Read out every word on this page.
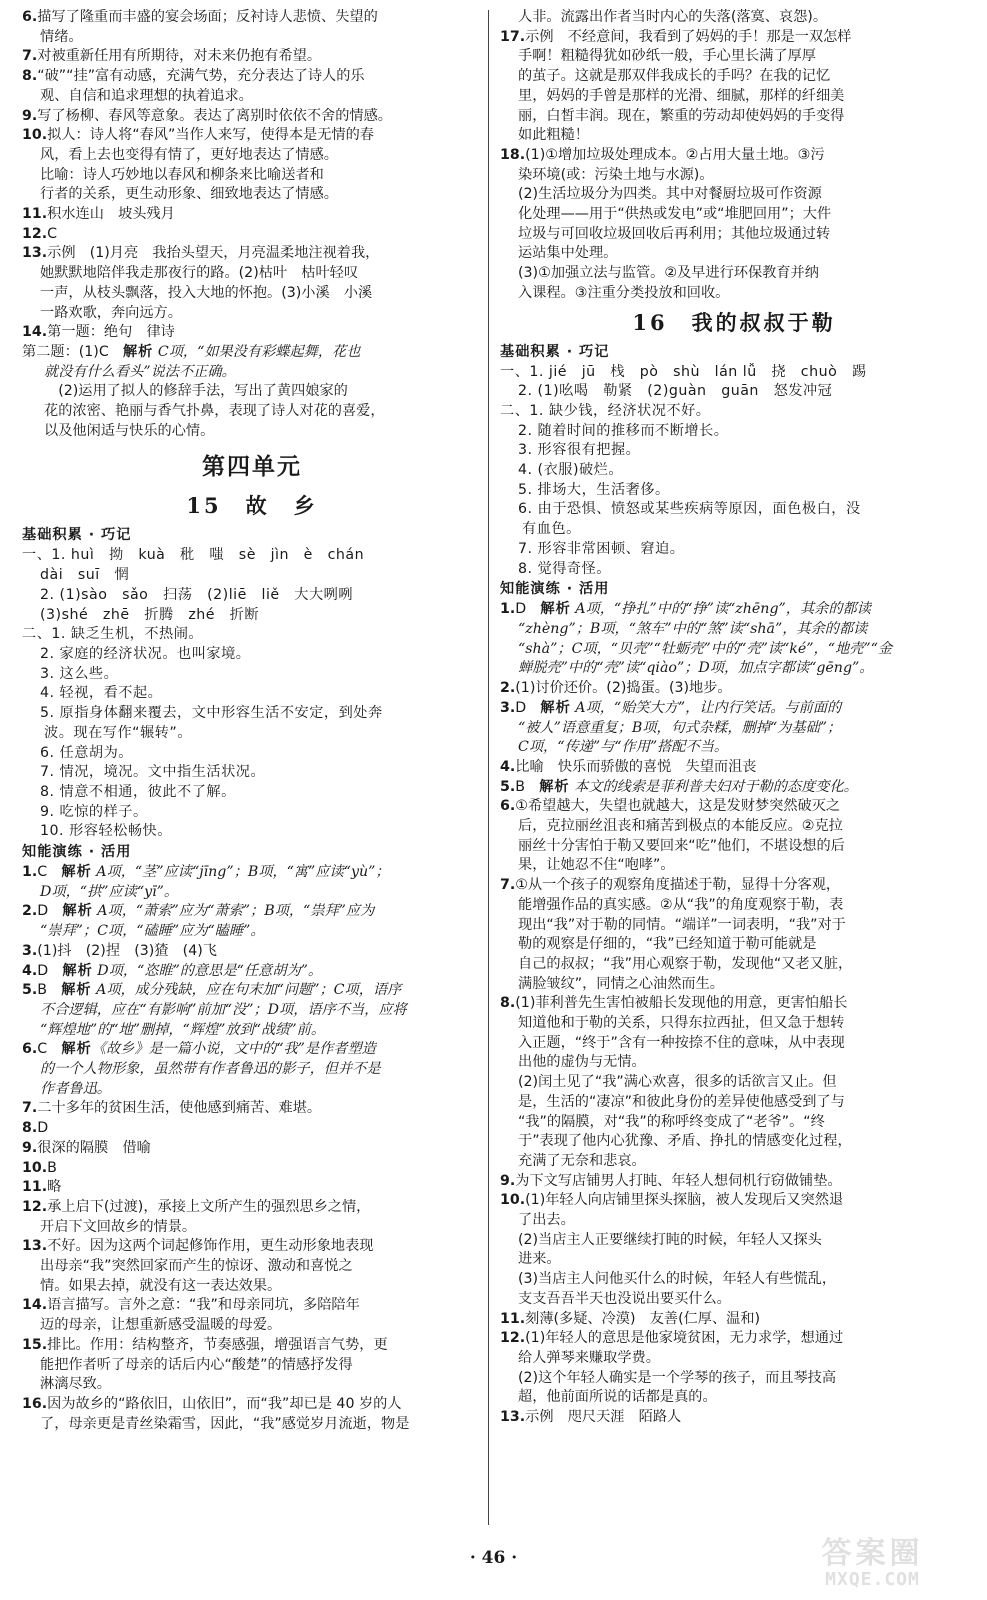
6.描写了隆重而丰盛的宴会场面；反衬诗人悲愤、失望的
情绪。
7.对被重新任用有所期待，对未来仍抱有希望。
8.“破”“挂”富有动感，充满气势，充分表达了诗人的乐
观、自信和追求理想的执着追求。
9.写了杨柳、春风等意象。表达了离别时依依不舍的情感。
10.拟人：诗人将“春风”当作人来写，使得本是无情的春
风，看上去也变得有情了，更好地表达了情感。
比喻：诗人巧妙地以春风和柳条来比喻送者和
行者的关系，更生动形象、细致地表达了情感。
11.积水连山　坡头残月
12.C
13.示例　(1)月亮　我抬头望天，月亮温柔地注视着我，
她默默地陪伴我走那夜行的路。(2)枯叶　枯叶轻叹
一声，从枝头飘落，投入大地的怀抱。(3)小溪　小溪
一路欢歌，奔向远方。
14.第一题：绝句　律诗
第二题：(1)C　解析 C项，“如果没有彩蝶起舞，花也
就没有什么看头”说法不正确。
　(2)运用了拟人的修辞手法，写出了黄四娘家的
花的浓密、艳丽与香气扑鼻，表现了诗人对花的喜爱，
以及他闲适与快乐的心情。
第四单元
15　故　乡
基础积累 · 巧记
一、1. huì　拗　kuà　秕　嗤　sè　jìn　è　chán
dài　suī　惘
2. (1)sào　sǎo　扫荡　(2)liē　liě　大大咧咧
(3)shé　zhē　折腾　zhé　折断
二、1. 缺乏生机，不热闹。
2. 家庭的经济状况。也叫家境。
3. 这么些。
4. 轻视，看不起。
5. 原指身体翻来覆去，文中形容生活不安定，到处奔
波。现在写作“辗转”。
6. 任意胡为。
7. 情况，境况。文中指生活状况。
8. 情意不相通，彼此不了解。
9. 吃惊的样子。
10. 形容轻松畅快。
知能演练 · 活用
1.C　解析 A项，“茎”应读“jīng”；B项，“寓”应读“yù”；
D项，“拱”应读“yī”。
2.D　解析 A项，“萧索”应为“萧索”；B项，“祟拜”应为
“崇拜”；C项，“磕睡”应为“瞌睡”。
3.(1)抖　(2)捏　(3)猹　(4)飞
4.D　解析 D项，“恣睢”的意思是“任意胡为”。
5.B　解析 A项，成分残缺，应在句末加“问题”；C项，语序
不合逻辑，应在“有影响”前加“没”；D项，语序不当，应将
“辉煌地”的“地”删掉，“辉煌”放到“战绩”前。
6.C　解析《故乡》是一篇小说，文中的“我”是作者塑造
的一个人物形象，虽然带有作者鲁迅的影子，但并不是
作者鲁迅。
7.二十多年的贫困生活，使他感到痛苦、难堪。
8.D
9.很深的隔膜　借喻
10.B
11.略
12.承上启下(过渡)，承接上文所产生的强烈思乡之情，
开启下文回故乡的情景。
13.不好。因为这两个词起修饰作用，更生动形象地表现
出母亲“我”突然回家而产生的惊讶、激动和喜悦之
情。如果去掉，就没有这一表达效果。
14.语言描写。言外之意：“我”和母亲同坑，多陪陪年
迈的母亲，让想重新感受温暖的母爱。
15.排比。作用：结构整齐，节奏感强，增强语言气势，更
能把作者听了母亲的话后内心“酸楚”的情感抒发得
淋漓尽致。
16.因为故乡的“路依旧，山依旧”，而“我”却已是 40 岁的人
了，母亲更是青丝染霜雪，因此，“我”感觉岁月流逝，物是
人非。流露出作者当时内心的失落(落寞、哀怨)。
17.示例　不经意间，我看到了妈妈的手！那是一双怎样
手啊！粗糙得犹如砂纸一般，手心里长满了厚厚
的茧子。这就是那双伴我成长的手吗？在我的记忆
里，妈妈的手曾是那样的光滑、细腻，那样的纤细美
丽，白皙丰润。现在，繁重的劳动却使妈妈的手变得
如此粗糙！
18.(1)①增加垃圾处理成本。②占用大量土地。③污
染环境(或：污染土地与水源)。
(2)生活垃圾分为四类。其中对餐厨垃圾可作资源
化处理——用于“供热或发电”或“堆肥回用”；大件
垃圾与可回收垃圾回收后再利用；其他垃圾通过转
运站集中处理。
(3)①加强立法与监管。②及早进行环保教育并纳
入课程。③注重分类投放和回收。
16　我的叔叔于勒
基础积累 · 巧记
一、1. jié　jū　栈　pò　shù　lán lǚ　挠　chuò　踢
2. (1)吆喝　勒紧　(2)guàn　guān　怒发冲冠
二、1. 缺少钱，经济状况不好。
2. 随着时间的推移而不断增长。
3. 形容很有把握。
4. (衣服)破烂。
5. 排场大，生活奢侈。
6. 由于恐惧、愤怒或某些疾病等原因，面色极白，没
有血色。
7. 形容非常困顿、窘迫。
8. 觉得奇怪。
知能演练 · 活用
1.D　解析 A项，“挣扎”中的“挣”读“zhēng”，其余的都读
“zhèng”；B项，“煞车”中的“煞”读“shā”，其余的都读
“shà”；C项，“贝壳”“牡蛎壳”中的“壳”读“ké”，“地壳”“金
蝉脱壳”中的“壳”读“qiào”；D项，加点字都读“gēng”。
2.(1)讨价还价。(2)捣蛋。(3)地步。
3.D　解析 A项，“贻笑大方”，让内行笑话。与前面的
“被人”语意重复；B项，句式杂糅，删掉“为基础”；
C项，“传递”与“作用”搭配不当。
4.比喻　快乐而骄傲的喜悦　失望而沮丧
5.B　解析 本文的线索是菲利普夫妇对于勒的态度变化。
6.①希望越大，失望也就越大，这是发财梦突然破灭之
后，克拉丽丝沮丧和痛苦到极点的本能反应。②克拉
丽丝十分害怕于勒又要回来“吃”他们，不堪设想的后
果，让她忍不住“咆哮”。
7.①从一个孩子的观察角度描述于勒，显得十分客观，
能增强作品的真实感。②从“我”的角度观察于勒，表
现出“我”对于勒的同情。“端详”一词表明，“我”对于
勒的观察是仔细的，“我”已经知道于勒可能就是
自己的叔叔；“我”用心观察于勒，发现他“又老又脏，
满脸皱纹”，同情之心油然而生。
8.(1)菲利普先生害怕被船长发现他的用意，更害怕船长
知道他和于勒的关系，只得东拉西扯，但又急于想转
入正题，“终于”含有一种按捺不住的意味，从中表现
出他的虚伪与无情。
(2)闰土见了“我”满心欢喜，很多的话欲言又止。但
是，生活的“凄凉”和彼此身份的差异使他感受到了与
“我”的隔膜，对“我”的称呼终变成了“老爷”。“终
于”表现了他内心犹豫、矛盾、挣扎的情感变化过程，
充满了无奈和悲哀。
9.为下文写店铺男人打盹、年轻人想伺机行窃做铺垫。
10.(1)年轻人向店铺里探头探脑，被人发现后又突然退
了出去。
(2)当店主人正要继续打盹的时候，年轻人又探头
进来。
(3)当店主人问他买什么的时候，年轻人有些慌乱，
支支吾吾半天也没说出要买什么。
11.刻薄(多疑、冷漠)　友善(仁厚、温和)
12.(1)年轻人的意思是他家境贫困，无力求学，想通过
给人弹琴来赚取学费。
(2)这个年轻人确实是一个学琴的孩子，而且琴技高
超，他前面所说的话都是真的。
13.示例　咫尺天涯　陌路人
· 46 ·	答案圈
MXQE.COM
